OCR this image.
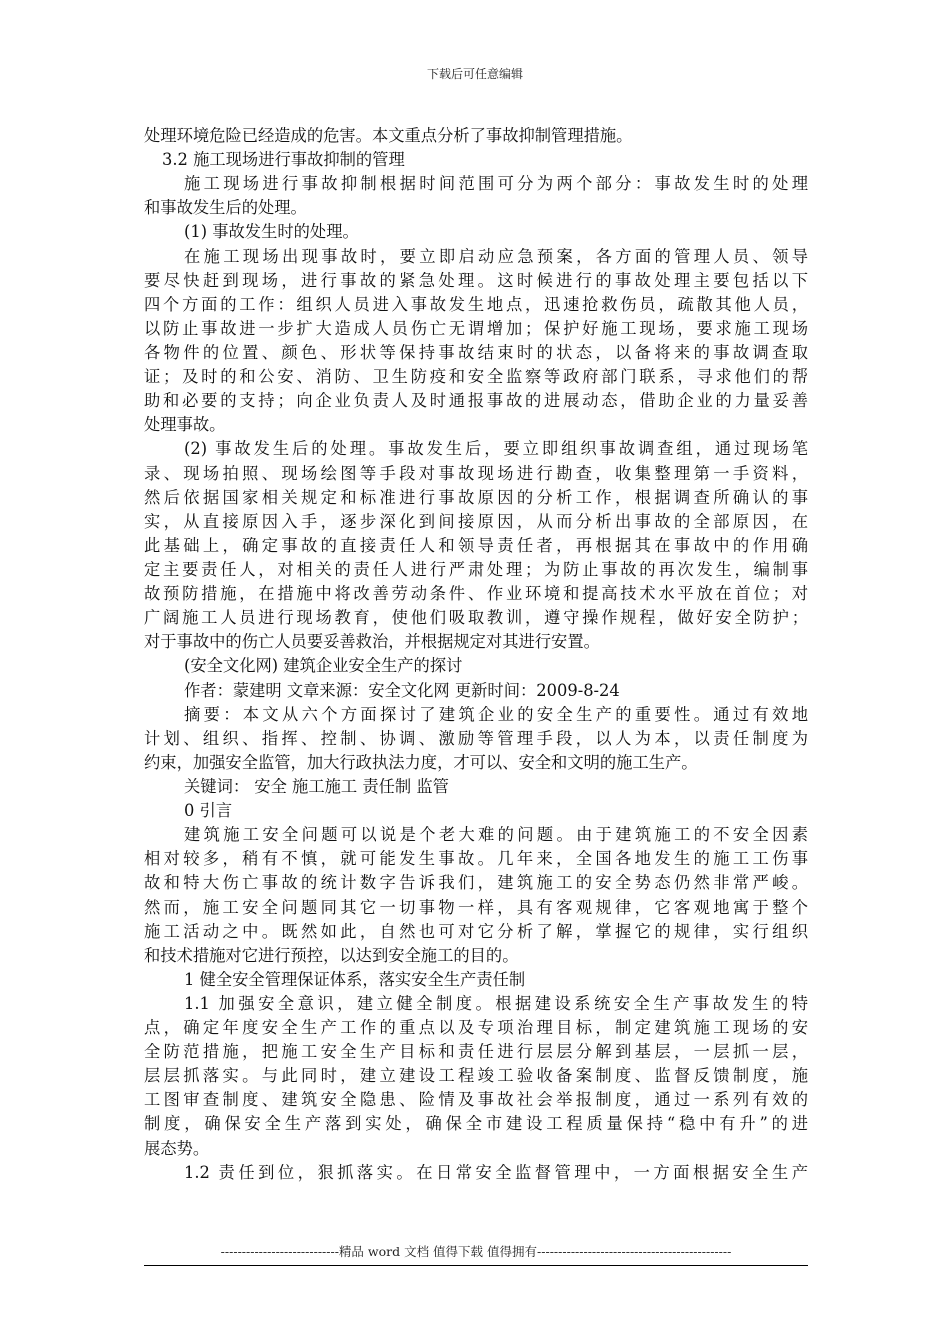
下载后可任意编辑
处理环境危险已经造成的危害。本文重点分析了事故抑制管理措施。
3.2 施工现场进行事故抑制的管理
施工现场进行事故抑制根据时间范围可分为两个部分：事故发生时的处理
和事故发生后的处理。
(1) 事故发生时的处理。
在施工现场出现事故时，要立即启动应急预案，各方面的管理人员、领导
要尽快赶到现场，进行事故的紧急处理。这时候进行的事故处理主要包括以下
四个方面的工作：组织人员进入事故发生地点，迅速抢救伤员，疏散其他人员，
以防止事故进一步扩大造成人员伤亡无谓增加；保护好施工现场，要求施工现场
各物件的位置、颜色、形状等保持事故结束时的状态，以备将来的事故调查取
证；及时的和公安、消防、卫生防疫和安全监察等政府部门联系，寻求他们的帮
助和必要的支持；向企业负责人及时通报事故的进展动态，借助企业的力量妥善
处理事故。
(2) 事故发生后的处理。事故发生后，要立即组织事故调查组，通过现场笔
录、现场拍照、现场绘图等手段对事故现场进行勘查，收集整理第一手资料，
然后依据国家相关规定和标准进行事故原因的分析工作，根据调查所确认的事
实，从直接原因入手，逐步深化到间接原因，从而分析出事故的全部原因，在
此基础上，确定事故的直接责任人和领导责任者，再根据其在事故中的作用确
定主要责任人，对相关的责任人进行严肃处理；为防止事故的再次发生，编制事
故预防措施，在措施中将改善劳动条件、作业环境和提高技术水平放在首位；对
广阔施工人员进行现场教育，使他们吸取教训，遵守操作规程，做好安全防护；
对于事故中的伤亡人员要妥善救治，并根据规定对其进行安置。
(安全文化网) 建筑企业安全生产的探讨
作者：蒙建明 文章来源：安全文化网 更新时间：2009-8-24
摘要：本文从六个方面探讨了建筑企业的安全生产的重要性。通过有效地
计划、组织、指挥、控制、协调、激励等管理手段，以人为本，以责任制度为
约束，加强安全监管，加大行政执法力度，才可以、安全和文明的施工生产。
关键词： 安全 施工施工 责任制 监管
0 引言
建筑施工安全问题可以说是个老大难的问题。由于建筑施工的不安全因素
相对较多，稍有不慎，就可能发生事故。几年来，全国各地发生的施工工伤事
故和特大伤亡事故的统计数字告诉我们，建筑施工的安全势态仍然非常严峻。
然而，施工安全问题同其它一切事物一样，具有客观规律，它客观地寓于整个
施工活动之中。既然如此，自然也可对它分析了解，掌握它的规律，实行组织
和技术措施对它进行预控，以达到安全施工的目的。
1 健全安全管理保证体系，落实安全生产责任制
1.1 加强安全意识，建立健全制度。根据建设系统安全生产事故发生的特
点，确定年度安全生产工作的重点以及专项治理目标，制定建筑施工现场的安
全防范措施，把施工安全生产目标和责任进行层层分解到基层，一层抓一层，
层层抓落实。与此同时，建立建设工程竣工验收备案制度、监督反馈制度，施
工图审查制度、建筑安全隐患、险情及事故社会举报制度，通过一系列有效的
制度，确保安全生产落到实处，确保全市建设工程质量保持“稳中有升”的进
展态势。
1.2 责任到位，狠抓落实。在日常安全监督管理中，一方面根据安全生产
----------------------------精品 word 文档 值得下载 值得拥有----------------------------------------------
